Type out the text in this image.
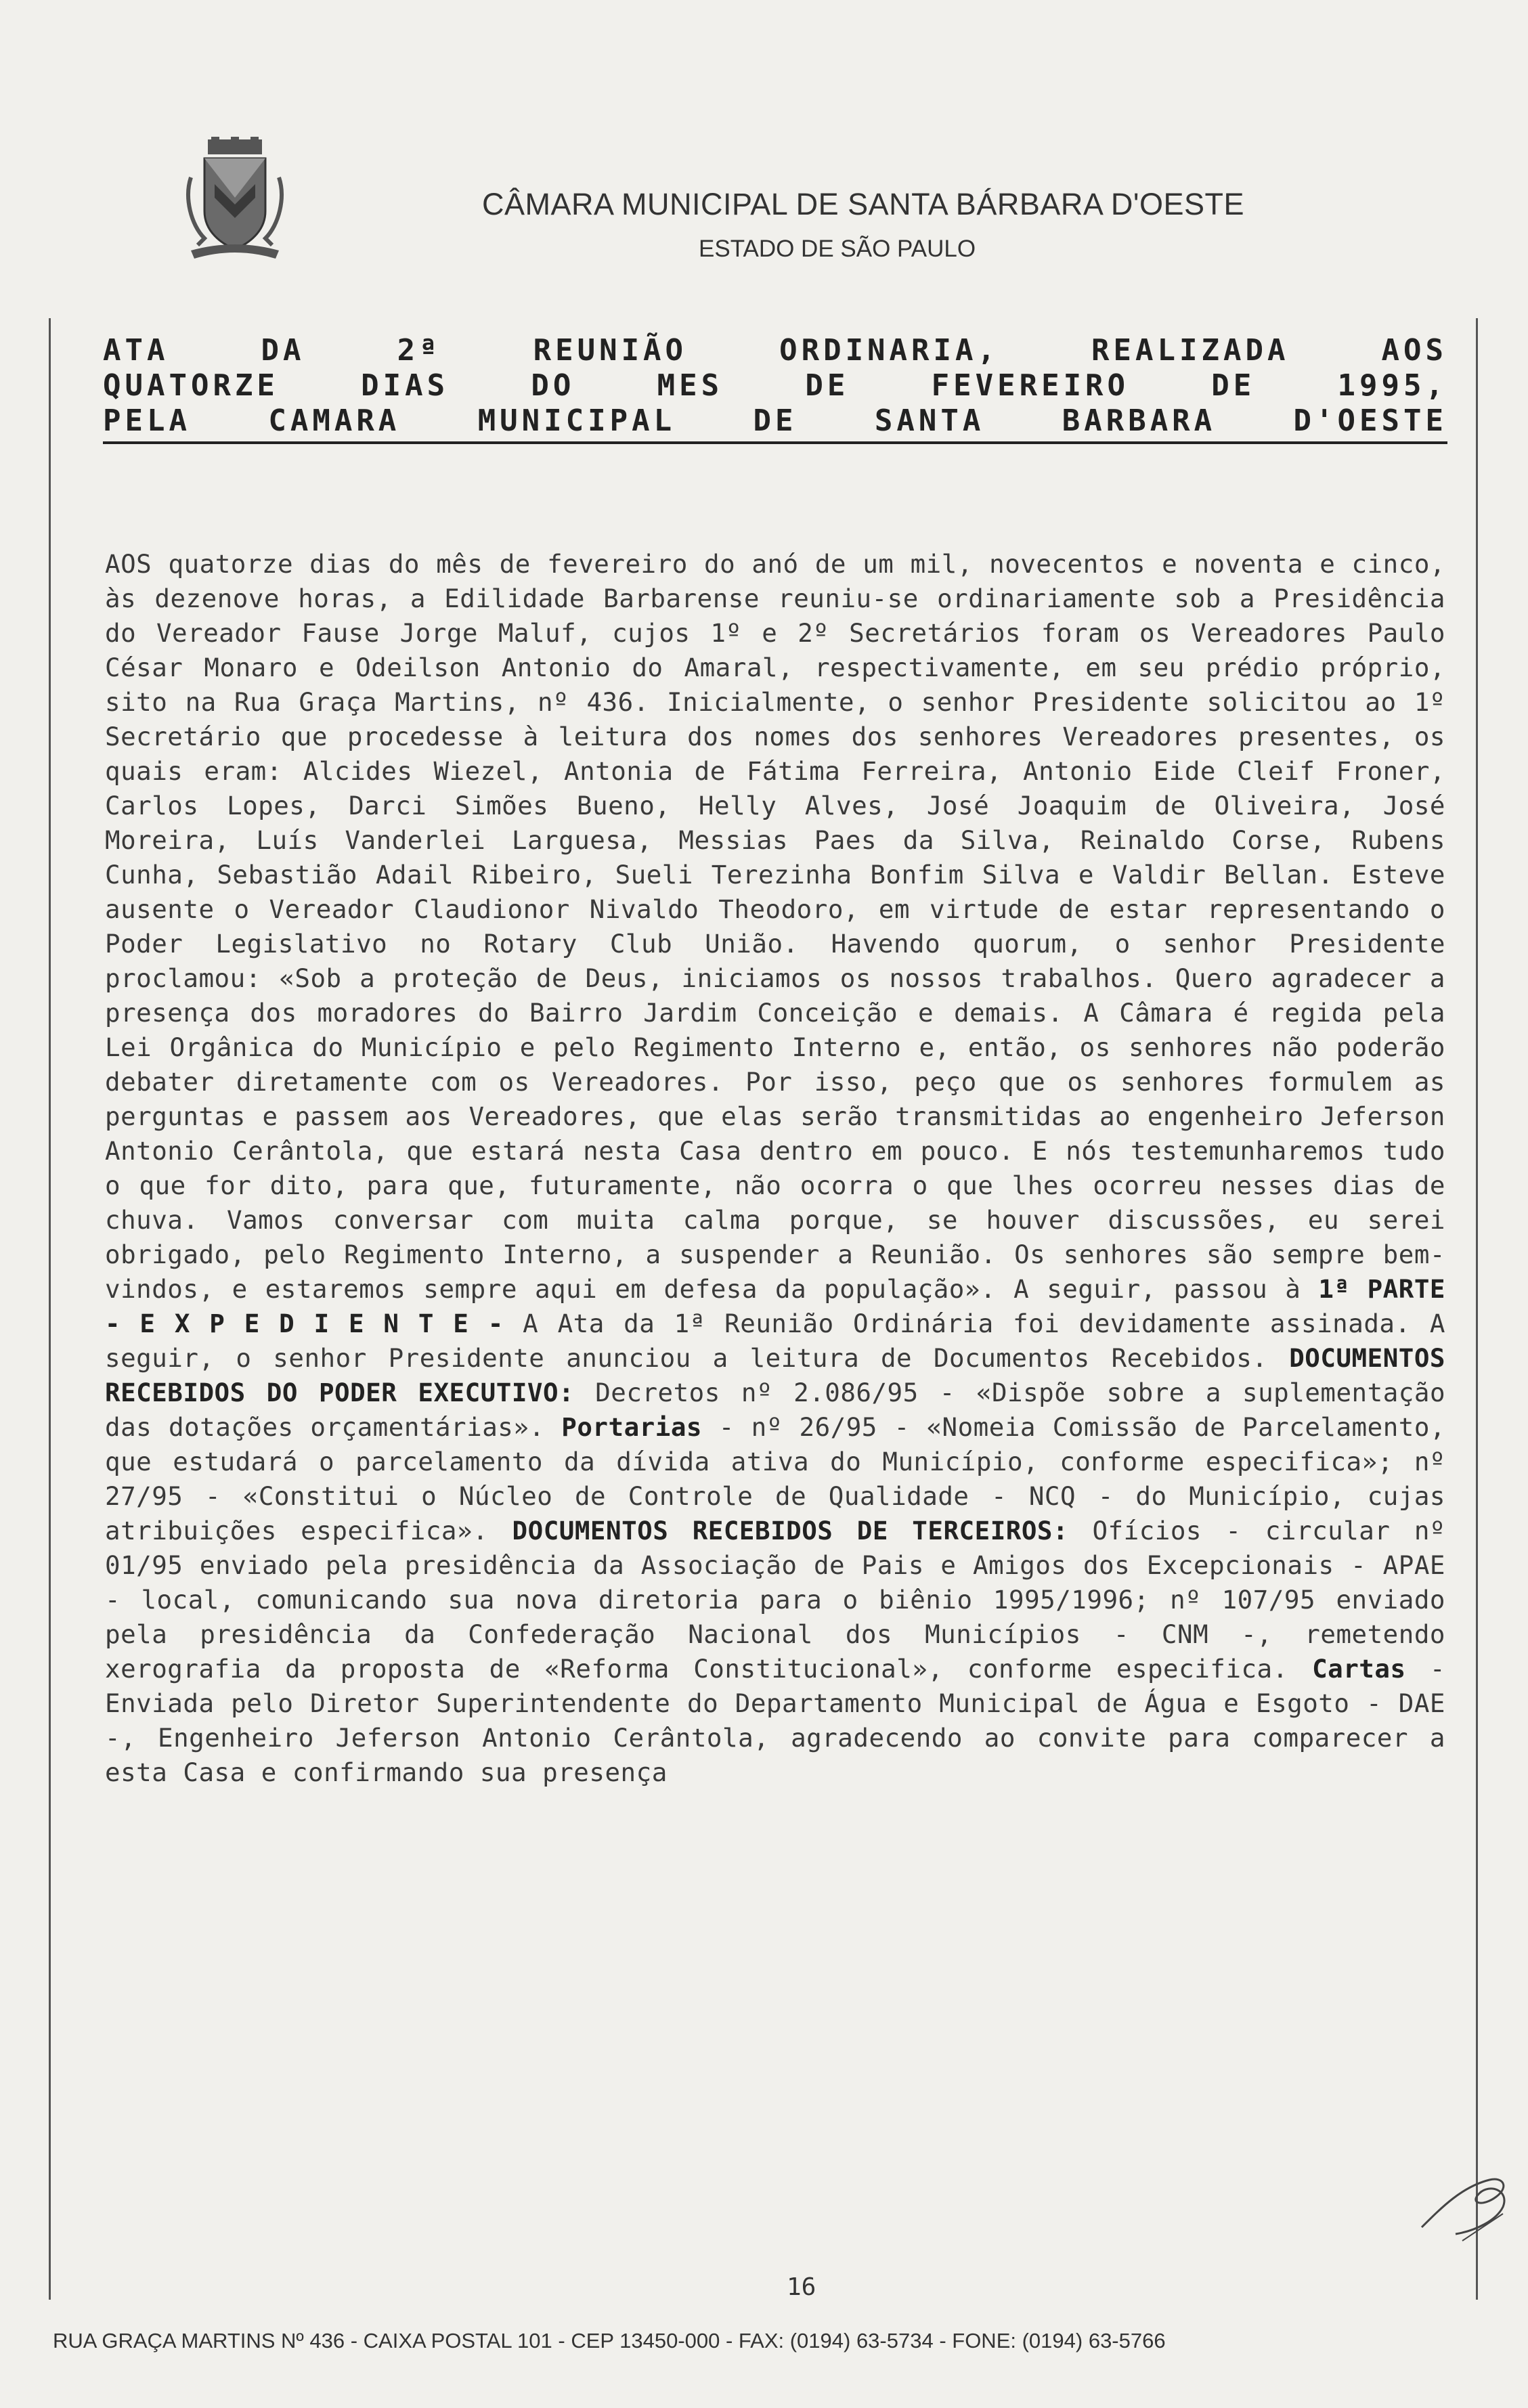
CÂMARA MUNICIPAL DE SANTA BÁRBARA D'OESTE
ESTADO DE SÃO PAULO
ATA DA 2ª REUNIÃO ORDINARIA, REALIZADA AOS
QUATORZE DIAS DO MES DE FEVEREIRO DE 1995,
PELA CAMARA MUNICIPAL DE SANTA BARBARA D'OESTE
AOS quatorze dias do mês de fevereiro do anó de um mil, novecentos e noventa e cinco, às dezenove horas, a Edilidade Barbarense reuniu-se ordinariamente sob a Presidência do Vereador Fause Jorge Maluf, cujos 1º e 2º Secretários foram os Vereadores Paulo César Monaro e Odeilson Antonio do Amaral, respectivamente, em seu prédio próprio, sito na Rua Graça Martins, nº 436. Inicialmente, o senhor Presidente solicitou ao 1º Secretário que procedesse à leitura dos nomes dos senhores Vereadores presentes, os quais eram: Alcides Wiezel, Antonia de Fátima Ferreira, Antonio Eide Cleif Froner, Carlos Lopes, Darci Simões Bueno, Helly Alves, José Joaquim de Oliveira, José Moreira, Luís Vanderlei Larguesa, Messias Paes da Silva, Reinaldo Corse, Rubens Cunha, Sebastião Adail Ribeiro, Sueli Terezinha Bonfim Silva e Valdir Bellan. Esteve ausente o Vereador Claudionor Nivaldo Theodoro, em virtude de estar representando o Poder Legislativo no Rotary Club União. Havendo quorum, o senhor Presidente proclamou: «Sob a proteção de Deus, iniciamos os nossos trabalhos. Quero agradecer a presença dos moradores do Bairro Jardim Conceição e demais. A Câmara é regida pela Lei Orgânica do Município e pelo Regimento Interno e, então, os senhores não poderão debater diretamente com os Vereadores. Por isso, peço que os senhores formulem as perguntas e passem aos Vereadores, que elas serão transmitidas ao engenheiro Jeferson Antonio Cerântola, que estará nesta Casa dentro em pouco. E nós testemunharemos tudo o que for dito, para que, futuramente, não ocorra o que lhes ocorreu nesses dias de chuva. Vamos conversar com muita calma porque, se houver discussões, eu serei obrigado, pelo Regimento Interno, a suspender a Reunião. Os senhores são sempre bem-vindos, e estaremos sempre aqui em defesa da população». A seguir, passou à 1ª PARTE - E X P E D I E N T E - A Ata da 1ª Reunião Ordinária foi devidamente assinada. A seguir, o senhor Presidente anunciou a leitura de Documentos Recebidos. DOCUMENTOS RECEBIDOS DO PODER EXECUTIVO: Decretos nº 2.086/95 - «Dispõe sobre a suplementação das dotações orçamentárias». Portarias - nº 26/95 - «Nomeia Comissão de Parcelamento, que estudará o parcelamento da dívida ativa do Município, conforme especifica»; nº 27/95 - «Constitui o Núcleo de Controle de Qualidade - NCQ - do Município, cujas atribuições especifica». DOCUMENTOS RECEBIDOS DE TERCEIROS: Ofícios - circular nº 01/95 enviado pela presidência da Associação de Pais e Amigos dos Excepcionais - APAE - local, comunicando sua nova diretoria para o biênio 1995/1996; nº 107/95 enviado pela presidência da Confederação Nacional dos Municípios - CNM -, remetendo xerografia da proposta de «Reforma Constitucional», conforme especifica. Cartas - Enviada pelo Diretor Superintendente do Departamento Municipal de Água e Esgoto - DAE -, Engenheiro Jeferson Antonio Cerântola, agradecendo ao convite para comparecer a esta Casa e confirmando sua presença
16
RUA GRAÇA MARTINS Nº 436 - CAIXA POSTAL 101 - CEP 13450-000 - FAX: (0194) 63-5734 - FONE: (0194) 63-5766
